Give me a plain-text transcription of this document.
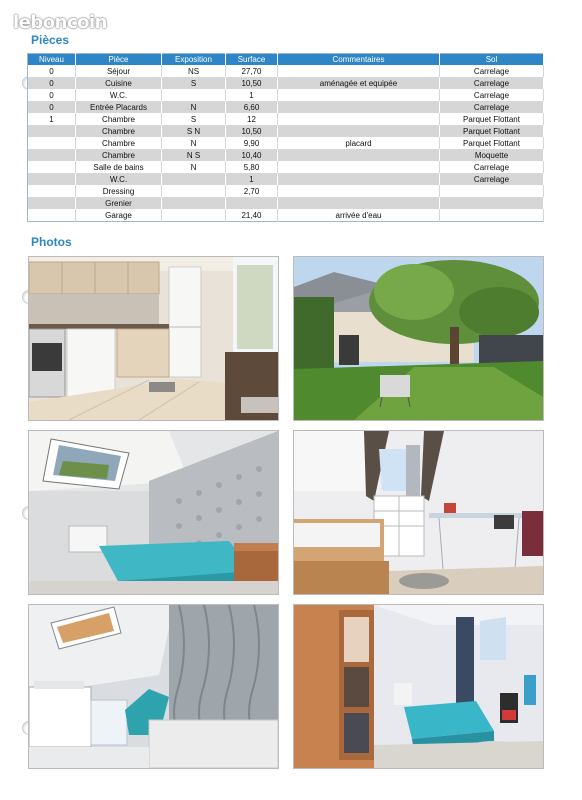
leboncoin
Pièces
Niveau	Pièce	Exposition	Surface	Commentaires	Sol
0	Séjour	NS	27,70		Carrelage
0	Cuisine	S	10,50	aménagée et equipée	Carrelage
0	W.C.		1		Carrelage
0	Entrée Placards	N	6,60		Carrelage
1	Chambre	S	12		Parquet Flottant
	Chambre	S N	10,50		Parquet Flottant
	Chambre	N	9,90	placard	Parquet Flottant
	Chambre	N S	10,40		Moquette
	Salle de bains	N	5,80		Carrelage
	W.C.		1		Carrelage
	Dressing		2,70		
	Grenier				
	Garage		21,40	arrivée d'eau	
Photos
